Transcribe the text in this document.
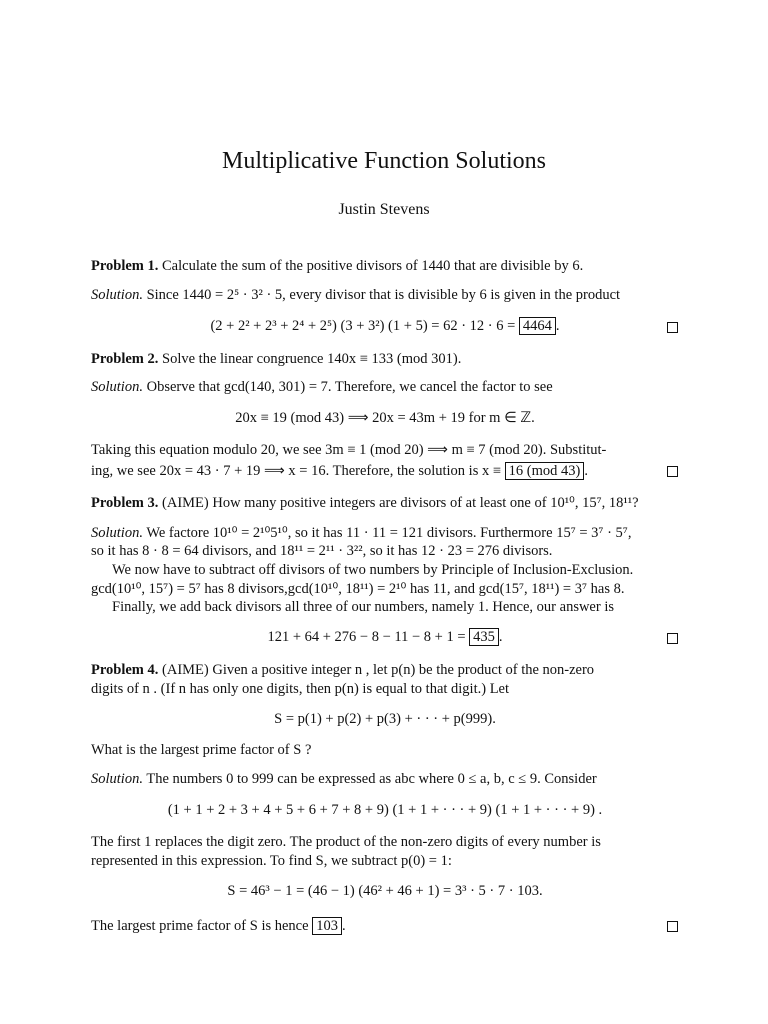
Multiplicative Function Solutions
Justin Stevens
Problem 1. Calculate the sum of the positive divisors of 1440 that are divisible by 6.
Solution. Since 1440 = 2⁵ · 3² · 5, every divisor that is divisible by 6 is given in the product
(2 + 2² + 2³ + 2⁴ + 2⁵) (3 + 3²) (1 + 5) = 62 · 12 · 6 = 4464 .
Problem 2. Solve the linear congruence 140x ≡ 133 (mod 301).
Solution. Observe that gcd(140, 301) = 7. Therefore, we cancel the factor to see
20x ≡ 19 (mod 43) ⟹ 20x = 43m + 19 for m ∈ ℤ.
Taking this equation modulo 20, we see 3m ≡ 1 (mod 20) ⟹ m ≡ 7 (mod 20). Substitut-
ing, we see 20x = 43 · 7 + 19 ⟹ x = 16. Therefore, the solution is x ≡ 16 (mod 43) .
Problem 3. (AIME) How many positive integers are divisors of at least one of 10¹⁰, 15⁷, 18¹¹?
Solution. We factore 10¹⁰ = 2¹⁰5¹⁰, so it has 11 · 11 = 121 divisors. Furthermore 15⁷ = 3⁷ · 5⁷,
so it has 8 · 8 = 64 divisors, and 18¹¹ = 2¹¹ · 3²², so it has 12 · 23 = 276 divisors.
We now have to subtract off divisors of two numbers by Principle of Inclusion-Exclusion.
gcd(10¹⁰, 15⁷) = 5⁷ has 8 divisors,gcd(10¹⁰, 18¹¹) = 2¹⁰ has 11, and gcd(15⁷, 18¹¹) = 3⁷ has 8.
Finally, we add back divisors all three of our numbers, namely 1. Hence, our answer is
121 + 64 + 276 − 8 − 11 − 8 + 1 = 435 .
Problem 4. (AIME) Given a positive integer n , let p(n) be the product of the non-zero
digits of n . (If n has only one digits, then p(n) is equal to that digit.) Let
S = p(1) + p(2) + p(3) + · · · + p(999).
What is the largest prime factor of S ?
Solution. The numbers 0 to 999 can be expressed as abc where 0 ≤ a, b, c ≤ 9. Consider
(1 + 1 + 2 + 3 + 4 + 5 + 6 + 7 + 8 + 9) (1 + 1 + · · · + 9) (1 + 1 + · · · + 9) .
The first 1 replaces the digit zero. The product of the non-zero digits of every number is
represented in this expression. To find S, we subtract p(0) = 1:
S = 46³ − 1 = (46 − 1) (46² + 46 + 1) = 3³ · 5 · 7 · 103.
The largest prime factor of S is hence 103 .
